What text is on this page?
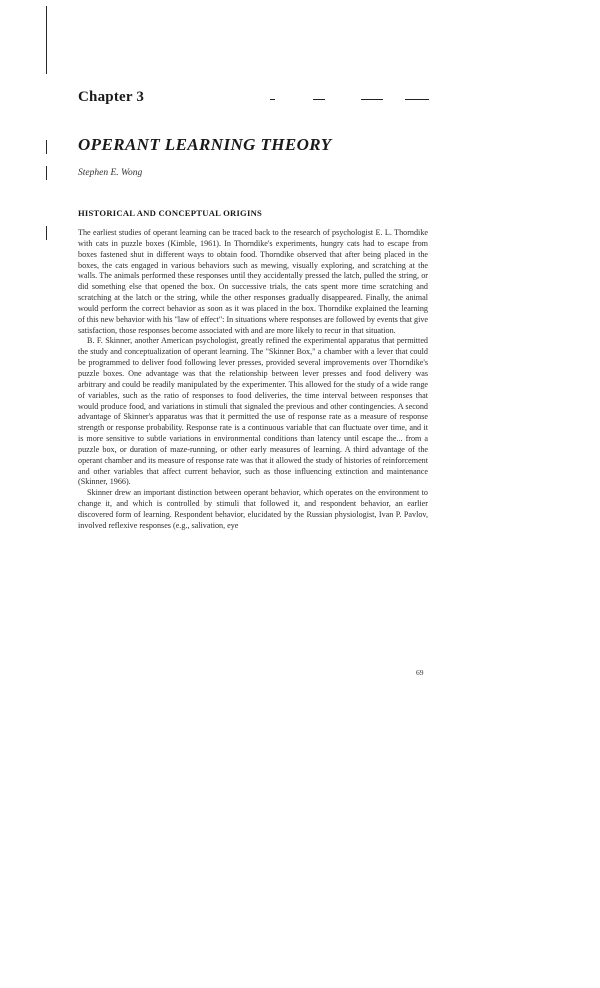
Chapter 3
OPERANT LEARNING THEORY
Stephen E. Wong
HISTORICAL AND CONCEPTUAL ORIGINS

The earliest studies of operant learning can be traced back to the research of psychologist E. L. Thorndike with cats in puzzle boxes (Kimble, 1961). In Thorndike's experiments, hungry cats had to escape from boxes fastened shut in different ways to obtain food. Thorndike observed that after being placed in the boxes, the cats engaged in various behaviors such as mewing, visually exploring, and scratching at the walls. The animals performed these responses until they accidentally pressed the latch, pulled the string, or did something else that opened the box. On successive trials, the cats spent more time scratching and scratching at the latch or the string, while the other responses gradually disappeared. Finally, the animal would perform the correct behavior as soon as it was placed in the box. Thorndike explained the learning of this new behavior with his "law of effect": In situations where responses are followed by events that give satisfaction, those responses become associated with and are more likely to recur in that situation.

B. F. Skinner, another American psychologist, greatly refined the experimental apparatus that permitted the study and conceptualization of operant learning. The "Skinner Box," a chamber with a lever that could be programmed to deliver food following lever presses, provided several improvements over Thorndike's puzzle boxes. One advantage was that the relationship between lever presses and food delivery was arbitrary and could be readily manipulated by the experimenter. This allowed for the study of a wide range of variables, such as the ratio of responses to food deliveries, the time interval between responses that would produce food, and variations in stimuli that signaled the previous and other contingencies. A second advantage of Skinner's apparatus was that it permitted the use of response rate as a measure of response strength or response probability. Response rate is a continuous variable that can fluctuate over time, and it is more sensitive to subtle variations in environmental conditions than latency until escape the... from a puzzle box, or duration of maze-running, or other early measures of learning. A third advantage of the operant chamber and its measure of response rate was that it allowed the study of histories of reinforcement and other variables that affect current behavior, such as those influencing extinction and maintenance (Skinner, 1966).

Skinner drew an important distinction between operant behavior, which operates on the environment to change it, and which is controlled by stimuli that followed it, and respondent behavior, an earlier discovered form of learning. Respondent behavior, elucidated by the Russian physiologist, Ivan P. Pavlov, involved reflexive responses (e.g., salivation, eye

69
